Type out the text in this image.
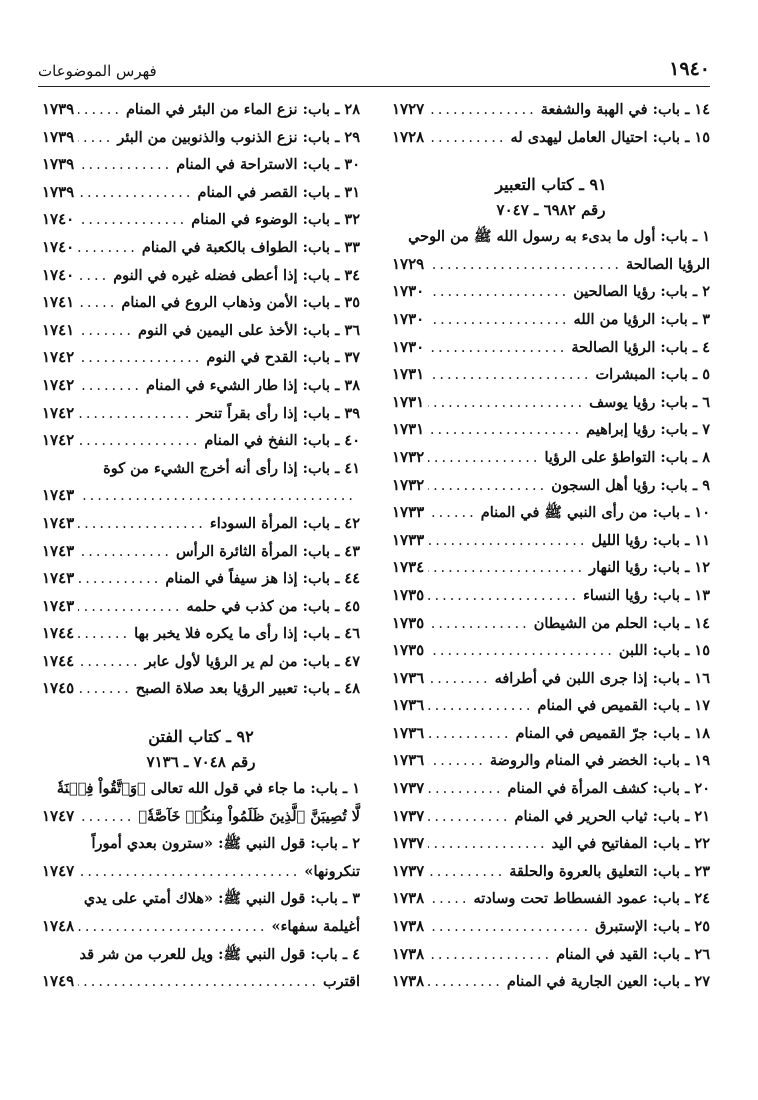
١٩٤٠
فهرس الموضوعات
١٤ ـ باب: في الهبة والشفعة
.....
١٧٢٧
١٥ ـ باب: احتيال العامل ليهدى له
.....
١٧٢٨
٩١ ـ كتاب التعبير
رقم ٦٩٨٢ ـ ٧٠٤٧
١ ـ باب: أول ما بدىء به رسول الله ﷺ من الوحي
الرؤيا الصالحة
.....
١٧٢٩
٢ ـ باب: رؤيا الصالحين
.....
١٧٣٠
٣ ـ باب: الرؤيا من الله
.....
١٧٣٠
٤ ـ باب: الرؤيا الصالحة
.....
١٧٣٠
٥ ـ باب: المبشرات
.....
١٧٣١
٦ ـ باب: رؤيا يوسف
.....
١٧٣١
٧ ـ باب: رؤيا إبراهيم
.....
١٧٣١
٨ ـ باب: التواطؤ على الرؤيا
.....
١٧٣٢
٩ ـ باب: رؤيا أهل السجون
.....
١٧٣٢
١٠ ـ باب: من رأى النبي ﷺ في المنام
.....
١٧٣٣
١١ ـ باب: رؤيا الليل
.....
١٧٣٣
١٢ ـ باب: رؤيا النهار
.....
١٧٣٤
١٣ ـ باب: رؤيا النساء
.....
١٧٣٥
١٤ ـ باب: الحلم من الشيطان
.....
١٧٣٥
١٥ ـ باب: اللبن
.....
١٧٣٥
١٦ ـ باب: إذا جرى اللبن في أطرافه
.....
١٧٣٦
١٧ ـ باب: القميص في المنام
.....
١٧٣٦
١٨ ـ باب: جرّ القميص في المنام
.....
١٧٣٦
١٩ ـ باب: الخضر في المنام والروضة
.....
١٧٣٦
٢٠ ـ باب: كشف المرأة في المنام
.....
١٧٣٧
٢١ ـ باب: ثياب الحرير في المنام
.....
١٧٣٧
٢٢ ـ باب: المفاتيح في اليد
.....
١٧٣٧
٢٣ ـ باب: التعليق بالعروة والحلقة
.....
١٧٣٧
٢٤ ـ باب: عمود الفسطاط تحت وسادته
.....
١٧٣٨
٢٥ ـ باب: الإستبرق
.....
١٧٣٨
٢٦ ـ باب: القيد في المنام
.....
١٧٣٨
٢٧ ـ باب: العين الجارية في المنام
.....
١٧٣٨
٢٨ ـ باب: نزع الماء من البئر في المنام
.....
١٧٣٩
٢٩ ـ باب: نزع الذنوب والذنوبين من البئر
.....
١٧٣٩
٣٠ ـ باب: الاستراحة في المنام
.....
١٧٣٩
٣١ ـ باب: القصر في المنام
.....
١٧٣٩
٣٢ ـ باب: الوضوء في المنام
.....
١٧٤٠
٣٣ ـ باب: الطواف بالكعبة في المنام
.....
١٧٤٠
٣٤ ـ باب: إذا أعطى فضله غيره في النوم
.....
١٧٤٠
٣٥ ـ باب: الأمن وذهاب الروع في المنام
.....
١٧٤١
٣٦ ـ باب: الأخذ على اليمين في النوم
.....
١٧٤١
٣٧ ـ باب: القدح في النوم
.....
١٧٤٢
٣٨ ـ باب: إذا طار الشيء في المنام
.....
١٧٤٢
٣٩ ـ باب: إذا رأى بقراً تنحر
.....
١٧٤٢
٤٠ ـ باب: النفخ في المنام
.....
١٧٤٢
٤١ ـ باب: إذا رأى أنه أخرج الشيء من كوة
.....
١٧٤٣
٤٢ ـ باب: المرأة السوداء
.....
١٧٤٣
٤٣ ـ باب: المرأة الثائرة الرأس
.....
١٧٤٣
٤٤ ـ باب: إذا هز سيفاً في المنام
.....
١٧٤٣
٤٥ ـ باب: من كذب في حلمه
.....
١٧٤٣
٤٦ ـ باب: إذا رأى ما يكره فلا يخبر بها
.....
١٧٤٤
٤٧ ـ باب: من لم ير الرؤيا لأول عابر
.....
١٧٤٤
٤٨ ـ باب: تعبير الرؤيا بعد صلاة الصبح
.....
١٧٤٥
٩٢ ـ كتاب الفتن
رقم ٧٠٤٨ ـ ٧١٣٦
١ ـ باب: ما جاء في قول الله تعالى ﴿وَٱتَّقُواْ فِتۡنَةٗ
لَّا تُصِيبَنَّ ٱلَّذِينَ ظَلَمُواْ مِنكُمۡ خَآصَّةٗ﴾
.....
١٧٤٧
٢ ـ باب: قول النبي ﷺ: «سترون بعدي أموراً
تنكرونها»
.....
١٧٤٧
٣ ـ باب: قول النبي ﷺ: «هلاك أمتي على يدي
أغيلمة سفهاء»
.....
١٧٤٨
٤ ـ باب: قول النبي ﷺ: ويل للعرب من شر قد
اقترب
.....
١٧٤٩
